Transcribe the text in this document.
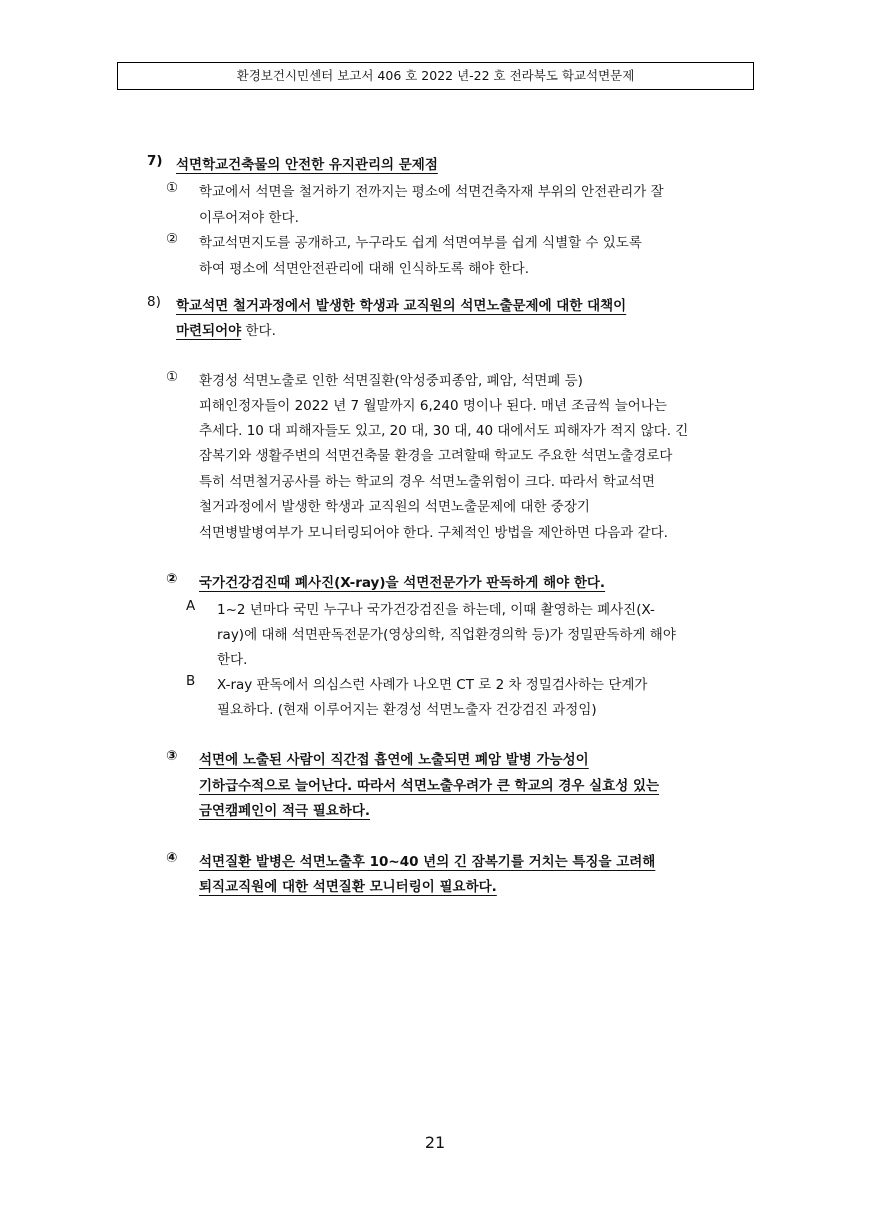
환경보건시민센터 보고서 406 호 2022 년-22 호 전라북도 학교석면문제
7) 석면학교건축물의 안전한 유지관리의 문제점
① 학교에서 석면을 철거하기 전까지는 평소에 석면건축자재 부위의 안전관리가 잘
이루어져야 한다.
② 학교석면지도를 공개하고, 누구라도 쉽게 석면여부를 쉽게 식별할 수 있도록
하여 평소에 석면안전관리에 대해 인식하도록 해야 한다.
8) 학교석면 철거과정에서 발생한 학생과 교직원의 석면노출문제에 대한 대책이
마련되어야 한다.
① 환경성 석면노출로 인한 석면질환(악성중피종암, 폐암, 석면폐 등)
피해인정자들이 2022 년 7 월말까지 6,240 명이나 된다. 매년 조금씩 늘어나는
추세다. 10 대 피해자들도 있고, 20 대, 30 대, 40 대에서도 피해자가 적지 않다. 긴
잠복기와 생활주변의 석면건축물 환경을 고려할때 학교도 주요한 석면노출경로다
특히 석면철거공사를 하는 학교의 경우 석면노출위험이 크다. 따라서 학교석면
철거과정에서 발생한 학생과 교직원의 석면노출문제에 대한 중장기
석면병발병여부가 모니터링되어야 한다. 구체적인 방법을 제안하면 다음과 같다.
② 국가건강검진때 폐사진(X-ray)을 석면전문가가 판독하게 해야 한다.
A 1~2 년마다 국민 누구나 국가건강검진을 하는데, 이때 촬영하는 폐사진(X-
ray)에 대해 석면판독전문가(영상의학, 직업환경의학 등)가 정밀판독하게 해야
한다.
B X-ray 판독에서 의심스런 사례가 나오면 CT 로 2 차 정밀검사하는 단계가
필요하다. (현재 이루어지는 환경성 석면노출자 건강검진 과정임)
③ 석면에 노출된 사람이 직간접 흡연에 노출되면 폐암 발병 가능성이
기하급수적으로 늘어난다. 따라서 석면노출우려가 큰 학교의 경우 실효성 있는
금연캠페인이 적극 필요하다.
④ 석면질환 발병은 석면노출후 10~40 년의 긴 잠복기를 거치는 특징을 고려해
퇴직교직원에 대한 석면질환 모니터링이 필요하다.
21
